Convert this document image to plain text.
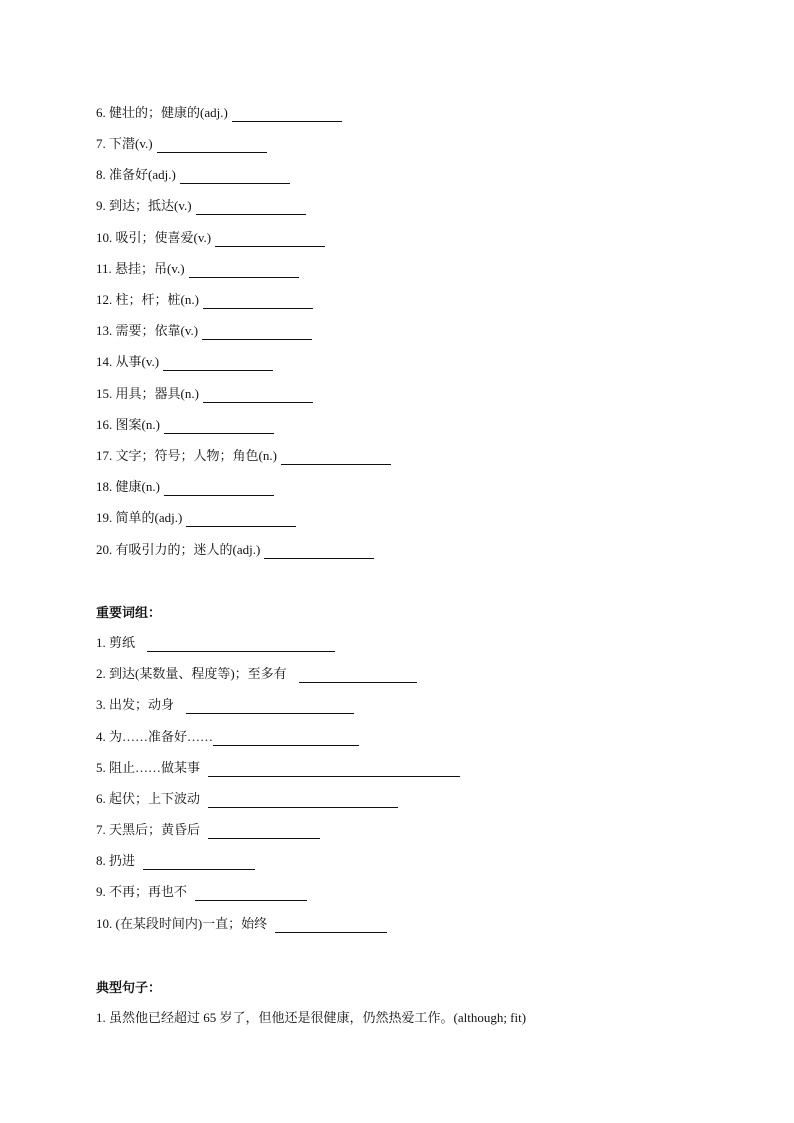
6.
健壮的；健康的(adj.)
7.
下潜(v.)
8.
准备好(adj.)
9.
到达；抵达(v.)
10.
吸引；使喜爱(v.)
11.
悬挂；吊(v.)
12.
柱；杆；桩(n.)
13.
需要；依靠(v.)
14.
从事(v.)
15.
用具；器具(n.)
16.
图案(n.)
17.
文字；符号；人物；角色(n.)
18.
健康(n.)
19.
简单的(adj.)
20.
有吸引力的；迷人的(adj.)
重要词组：
1.
剪纸
2.
到达(某数量、程度等)；至多有
3.
出发；动身
4.
为……准备好……
5.
阻止……做某事
6.
起伏；上下波动
7.
天黑后；黄昏后
8.
扔进
9.
不再；再也不
10.
(在某段时间内)一直；始终
典型句子：
1.
虽然他已经超过 65 岁了，但他还是很健康，仍然热爱工作。(although; fit)
